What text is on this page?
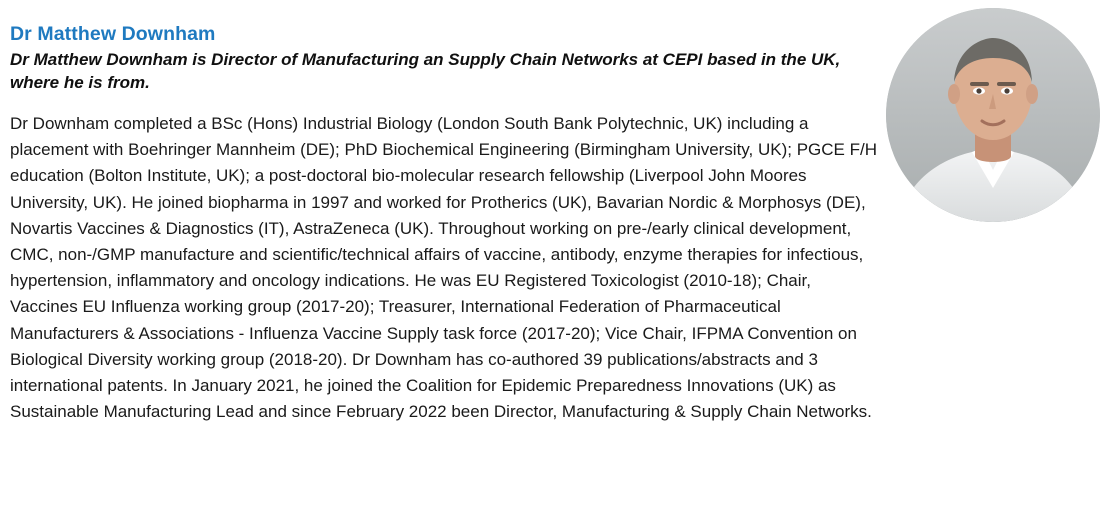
Dr Matthew Downham

Dr Matthew Downham is Director of Manufacturing an Supply Chain Networks at CEPI based in the UK, where he is from.

Dr Downham completed a BSc (Hons) Industrial Biology (London South Bank Polytechnic, UK) including a placement with Boehringer Mannheim (DE); PhD Biochemical Engineering (Birmingham University, UK); PGCE F/H education (Bolton Institute, UK); a post-doctoral bio-molecular research fellowship (Liverpool John Moores University, UK). He joined biopharma in 1997 and worked for Protherics (UK), Bavarian Nordic & Morphosys (DE), Novartis Vaccines & Diagnostics (IT), AstraZeneca (UK). Throughout working on pre-/early clinical development, CMC, non-/GMP manufacture and scientific/technical affairs of vaccine, antibody, enzyme therapies for infectious, hypertension, inflammatory and oncology indications. He was EU Registered Toxicologist (2010-18); Chair, Vaccines EU Influenza working group (2017-20); Treasurer, International Federation of Pharmaceutical Manufacturers & Associations - Influenza Vaccine Supply task force (2017-20); Vice Chair, IFPMA Convention on Biological Diversity working group (2018-20). Dr Downham has co-authored 39 publications/abstracts and 3 international patents. In January 2021, he joined the Coalition for Epidemic Preparedness Innovations (UK) as Sustainable Manufacturing Lead and since February 2022 been Director, Manufacturing & Supply Chain Networks.
